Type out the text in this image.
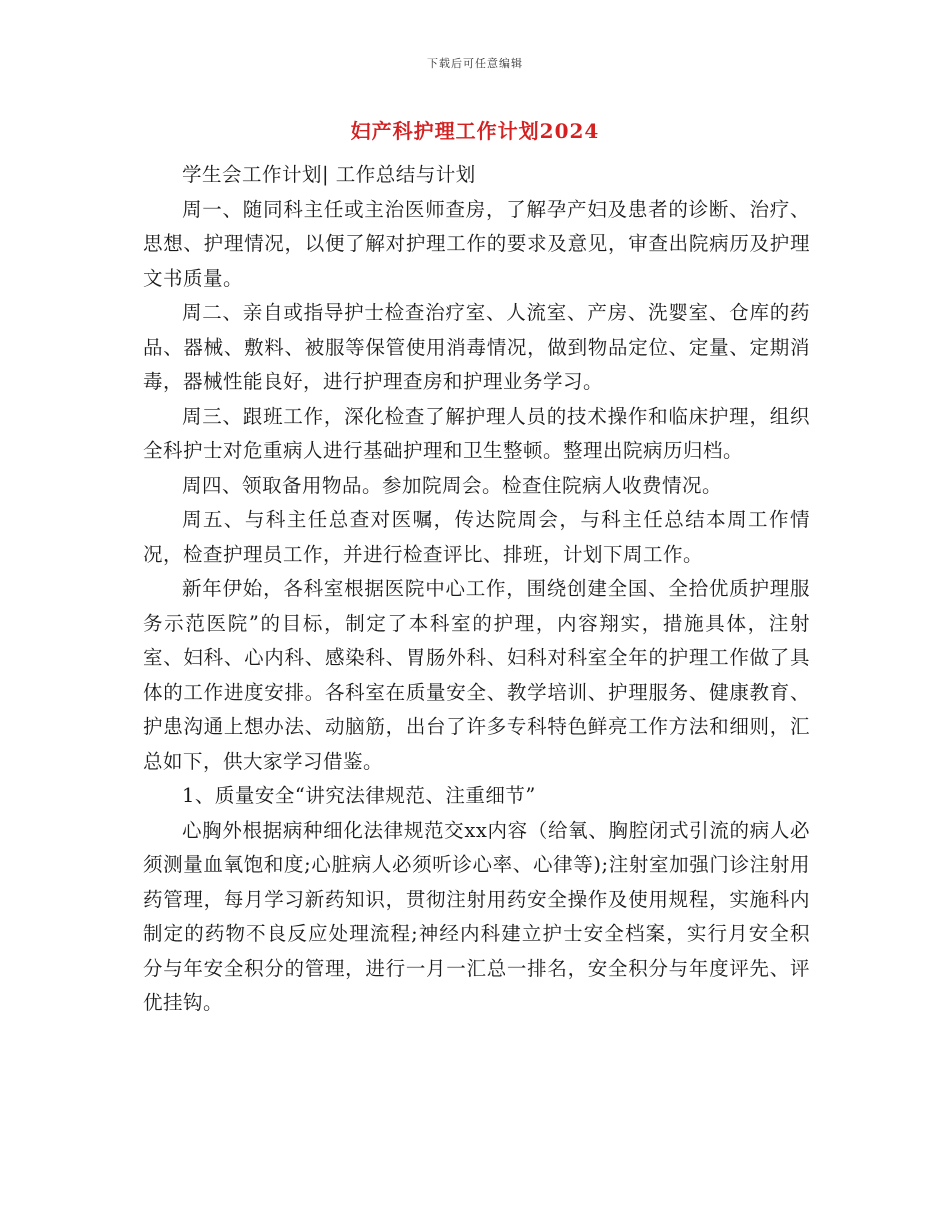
下载后可任意编辑
妇产科护理工作计划2024

学生会工作计划| 工作总结与计划

周一、随同科主任或主治医师查房，了解孕产妇及患者的诊断、治疗、思想、护理情况，以便了解对护理工作的要求及意见，审查出院病历及护理文书质量。

周二、亲自或指导护士检查治疗室、人流室、产房、洗婴室、仓库的药品、器械、敷料、被服等保管使用消毒情况，做到物品定位、定量、定期消毒，器械性能良好，进行护理查房和护理业务学习。

周三、跟班工作，深化检查了解护理人员的技术操作和临床护理，组织全科护士对危重病人进行基础护理和卫生整顿。整理出院病历归档。

周四、领取备用物品。参加院周会。检查住院病人收费情况。

周五、与科主任总查对医嘱，传达院周会，与科主任总结本周工作情况，检查护理员工作，并进行检查评比、排班，计划下周工作。

新年伊始，各科室根据医院中心工作，围绕创建全国、全拾优质护理服务示范医院”的目标，制定了本科室的护理，内容翔实，措施具体，注射室、妇科、心内科、感染科、胃肠外科、妇科对科室全年的护理工作做了具体的工作进度安排。各科室在质量安全、教学培训、护理服务、健康教育、护患沟通上想办法、动脑筋，出台了许多专科特色鲜亮工作方法和细则，汇总如下，供大家学习借鉴。

1、质量安全“讲究法律规范、注重细节”

心胸外根据病种细化法律规范交xx内容（给氧、胸腔闭式引流的病人必须测量血氧饱和度;心脏病人必须听诊心率、心律等);注射室加强门诊注射用药管理，每月学习新药知识，贯彻注射用药安全操作及使用规程，实施科内制定的药物不良反应处理流程;神经内科建立护士安全档案，实行月安全积分与年安全积分的管理，进行一月一汇总一排名，安全积分与年度评先、评优挂钩。
